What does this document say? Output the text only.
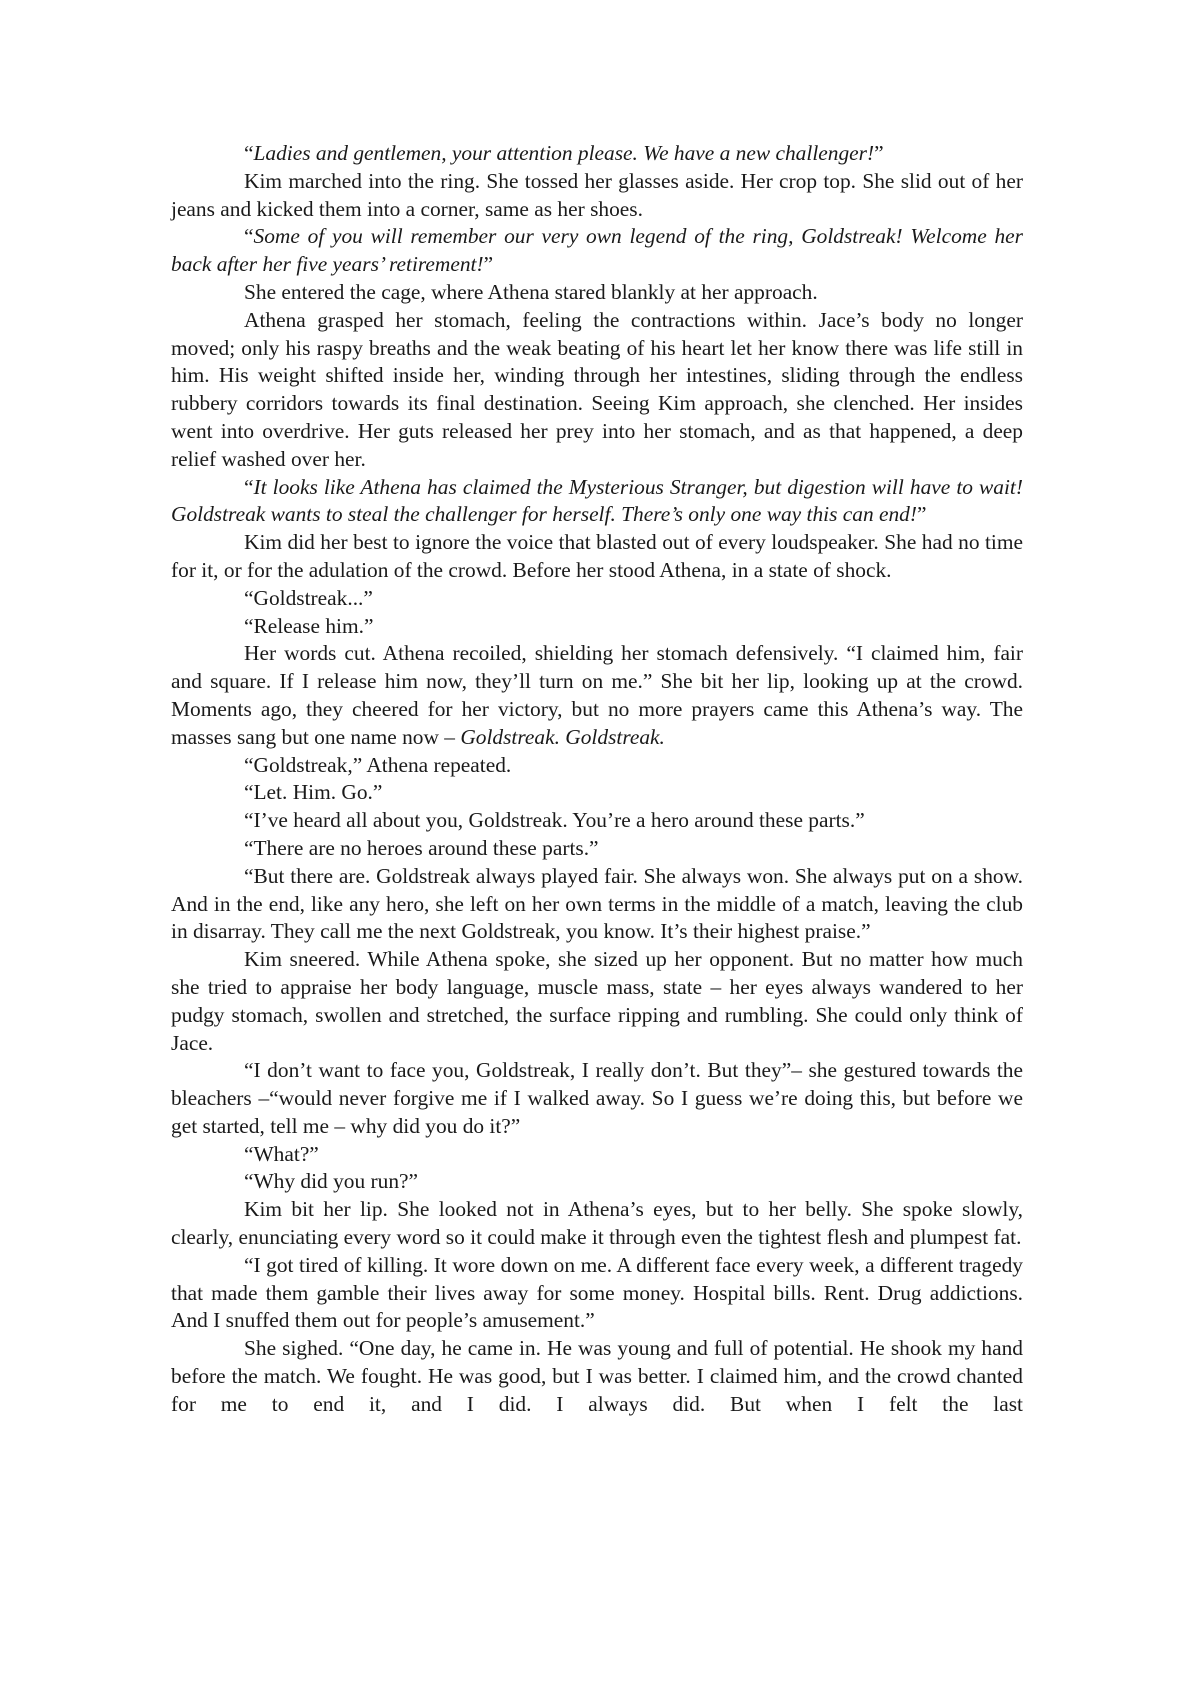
“Ladies and gentlemen, your attention please. We have a new challenger!”

Kim marched into the ring. She tossed her glasses aside. Her crop top. She slid out of her jeans and kicked them into a corner, same as her shoes.

“Some of you will remember our very own legend of the ring, Goldstreak! Welcome her back after her five years’ retirement!”

She entered the cage, where Athena stared blankly at her approach.

Athena grasped her stomach, feeling the contractions within. Jace’s body no longer moved; only his raspy breaths and the weak beating of his heart let her know there was life still in him. His weight shifted inside her, winding through her intestines, sliding through the endless rubbery corridors towards its final destination. Seeing Kim approach, she clenched. Her insides went into overdrive. Her guts released her prey into her stomach, and as that happened, a deep relief washed over her.

“It looks like Athena has claimed the Mysterious Stranger, but digestion will have to wait! Goldstreak wants to steal the challenger for herself. There’s only one way this can end!”

Kim did her best to ignore the voice that blasted out of every loudspeaker. She had no time for it, or for the adulation of the crowd. Before her stood Athena, in a state of shock.

“Goldstreak...”

“Release him.”

Her words cut. Athena recoiled, shielding her stomach defensively. “I claimed him, fair and square. If I release him now, they’ll turn on me.” She bit her lip, looking up at the crowd. Moments ago, they cheered for her victory, but no more prayers came this Athena’s way. The masses sang but one name now – Goldstreak. Goldstreak.

“Goldstreak,” Athena repeated.

“Let. Him. Go.”

“I’ve heard all about you, Goldstreak. You’re a hero around these parts.”

“There are no heroes around these parts.”

“But there are. Goldstreak always played fair. She always won. She always put on a show. And in the end, like any hero, she left on her own terms in the middle of a match, leaving the club in disarray. They call me the next Goldstreak, you know. It’s their highest praise.”

Kim sneered. While Athena spoke, she sized up her opponent. But no matter how much she tried to appraise her body language, muscle mass, state – her eyes always wandered to her pudgy stomach, swollen and stretched, the surface ripping and rumbling. She could only think of Jace.

“I don’t want to face you, Goldstreak, I really don’t. But they”– she gestured towards the bleachers –“would never forgive me if I walked away. So I guess we’re doing this, but before we get started, tell me – why did you do it?”

“What?”

“Why did you run?”

Kim bit her lip. She looked not in Athena’s eyes, but to her belly. She spoke slowly, clearly, enunciating every word so it could make it through even the tightest flesh and plumpest fat.

“I got tired of killing. It wore down on me. A different face every week, a different tragedy that made them gamble their lives away for some money. Hospital bills. Rent. Drug addictions. And I snuffed them out for people’s amusement.”

She sighed. “One day, he came in. He was young and full of potential. He shook my hand before the match. We fought. He was good, but I was better. I claimed him, and the crowd chanted for me to end it, and I did. I always did. But when I felt the last
